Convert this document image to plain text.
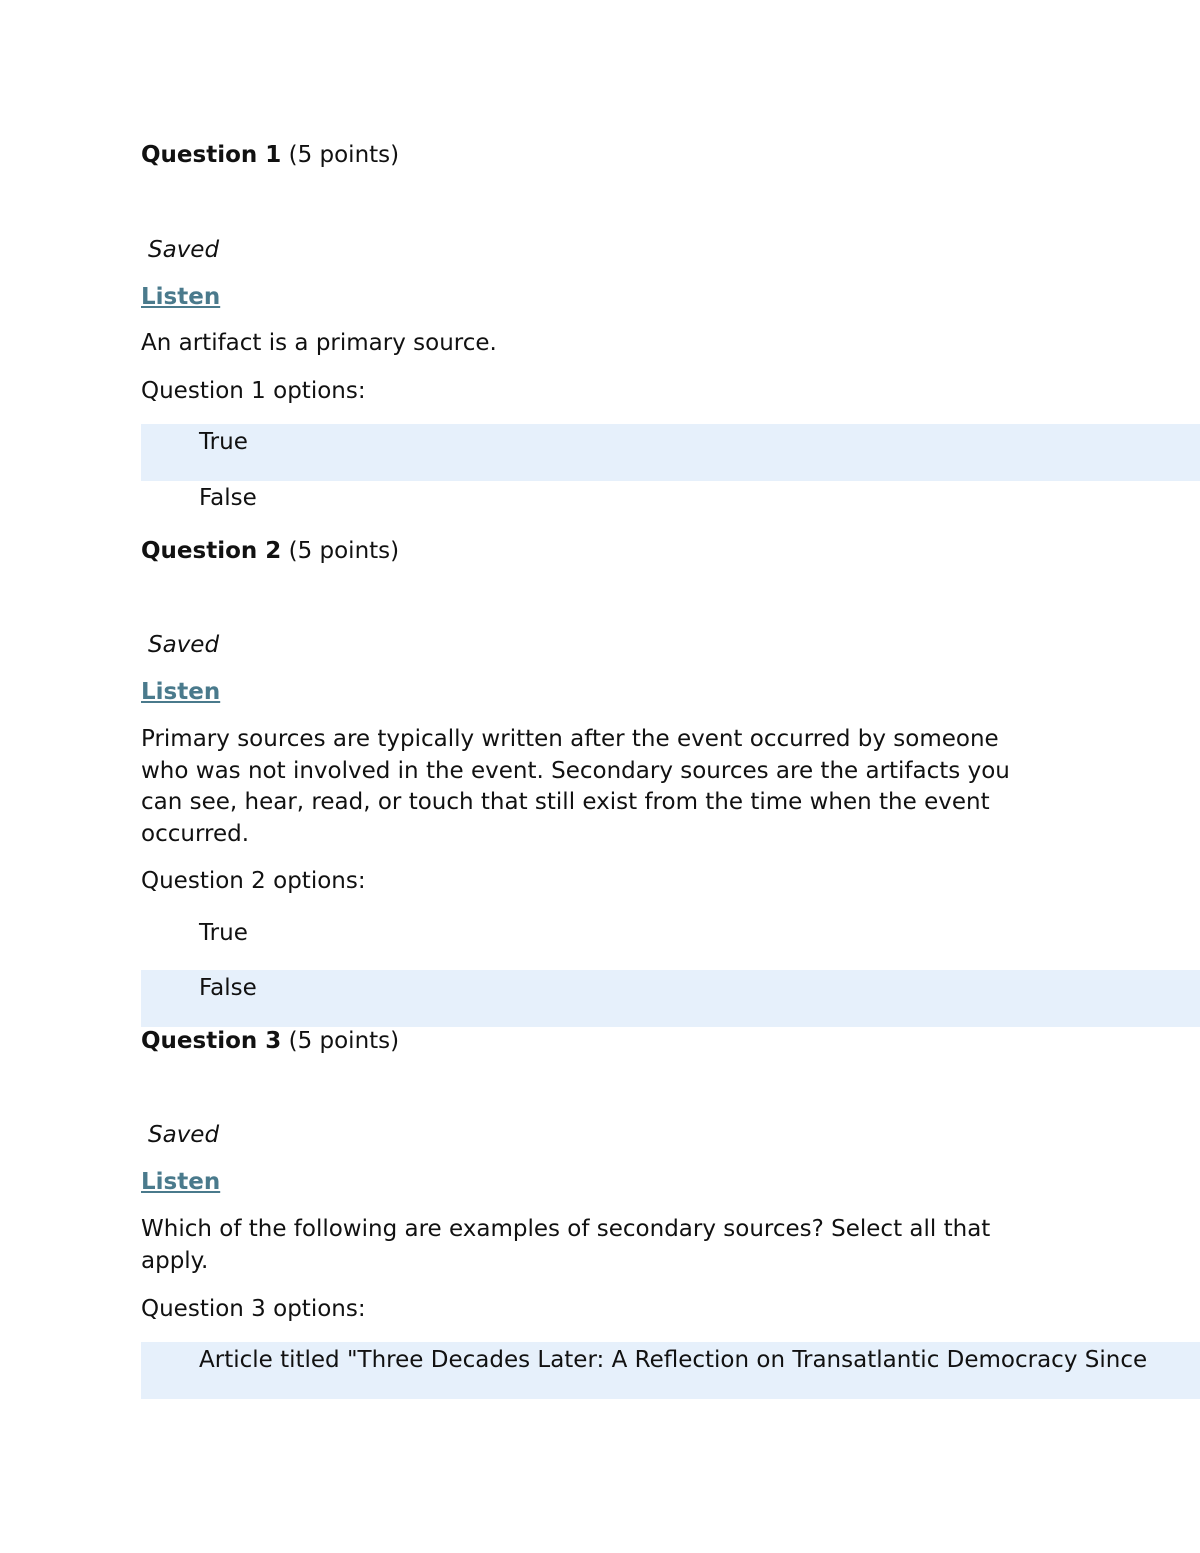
Question 1 (5 points)
Saved
Listen
An artifact is a primary source.
Question 1 options:
True
False
Question 2 (5 points)
Saved
Listen
Primary sources are typically written after the event occurred by someone
who was not involved in the event. Secondary sources are the artifacts you
can see, hear, read, or touch that still exist from the time when the event
occurred.
Question 2 options:
True
False
Question 3 (5 points)
Saved
Listen
Which of the following are examples of secondary sources? Select all that
apply.
Question 3 options:
Article titled "Three Decades Later: A Reflection on Transatlantic Democracy Since
